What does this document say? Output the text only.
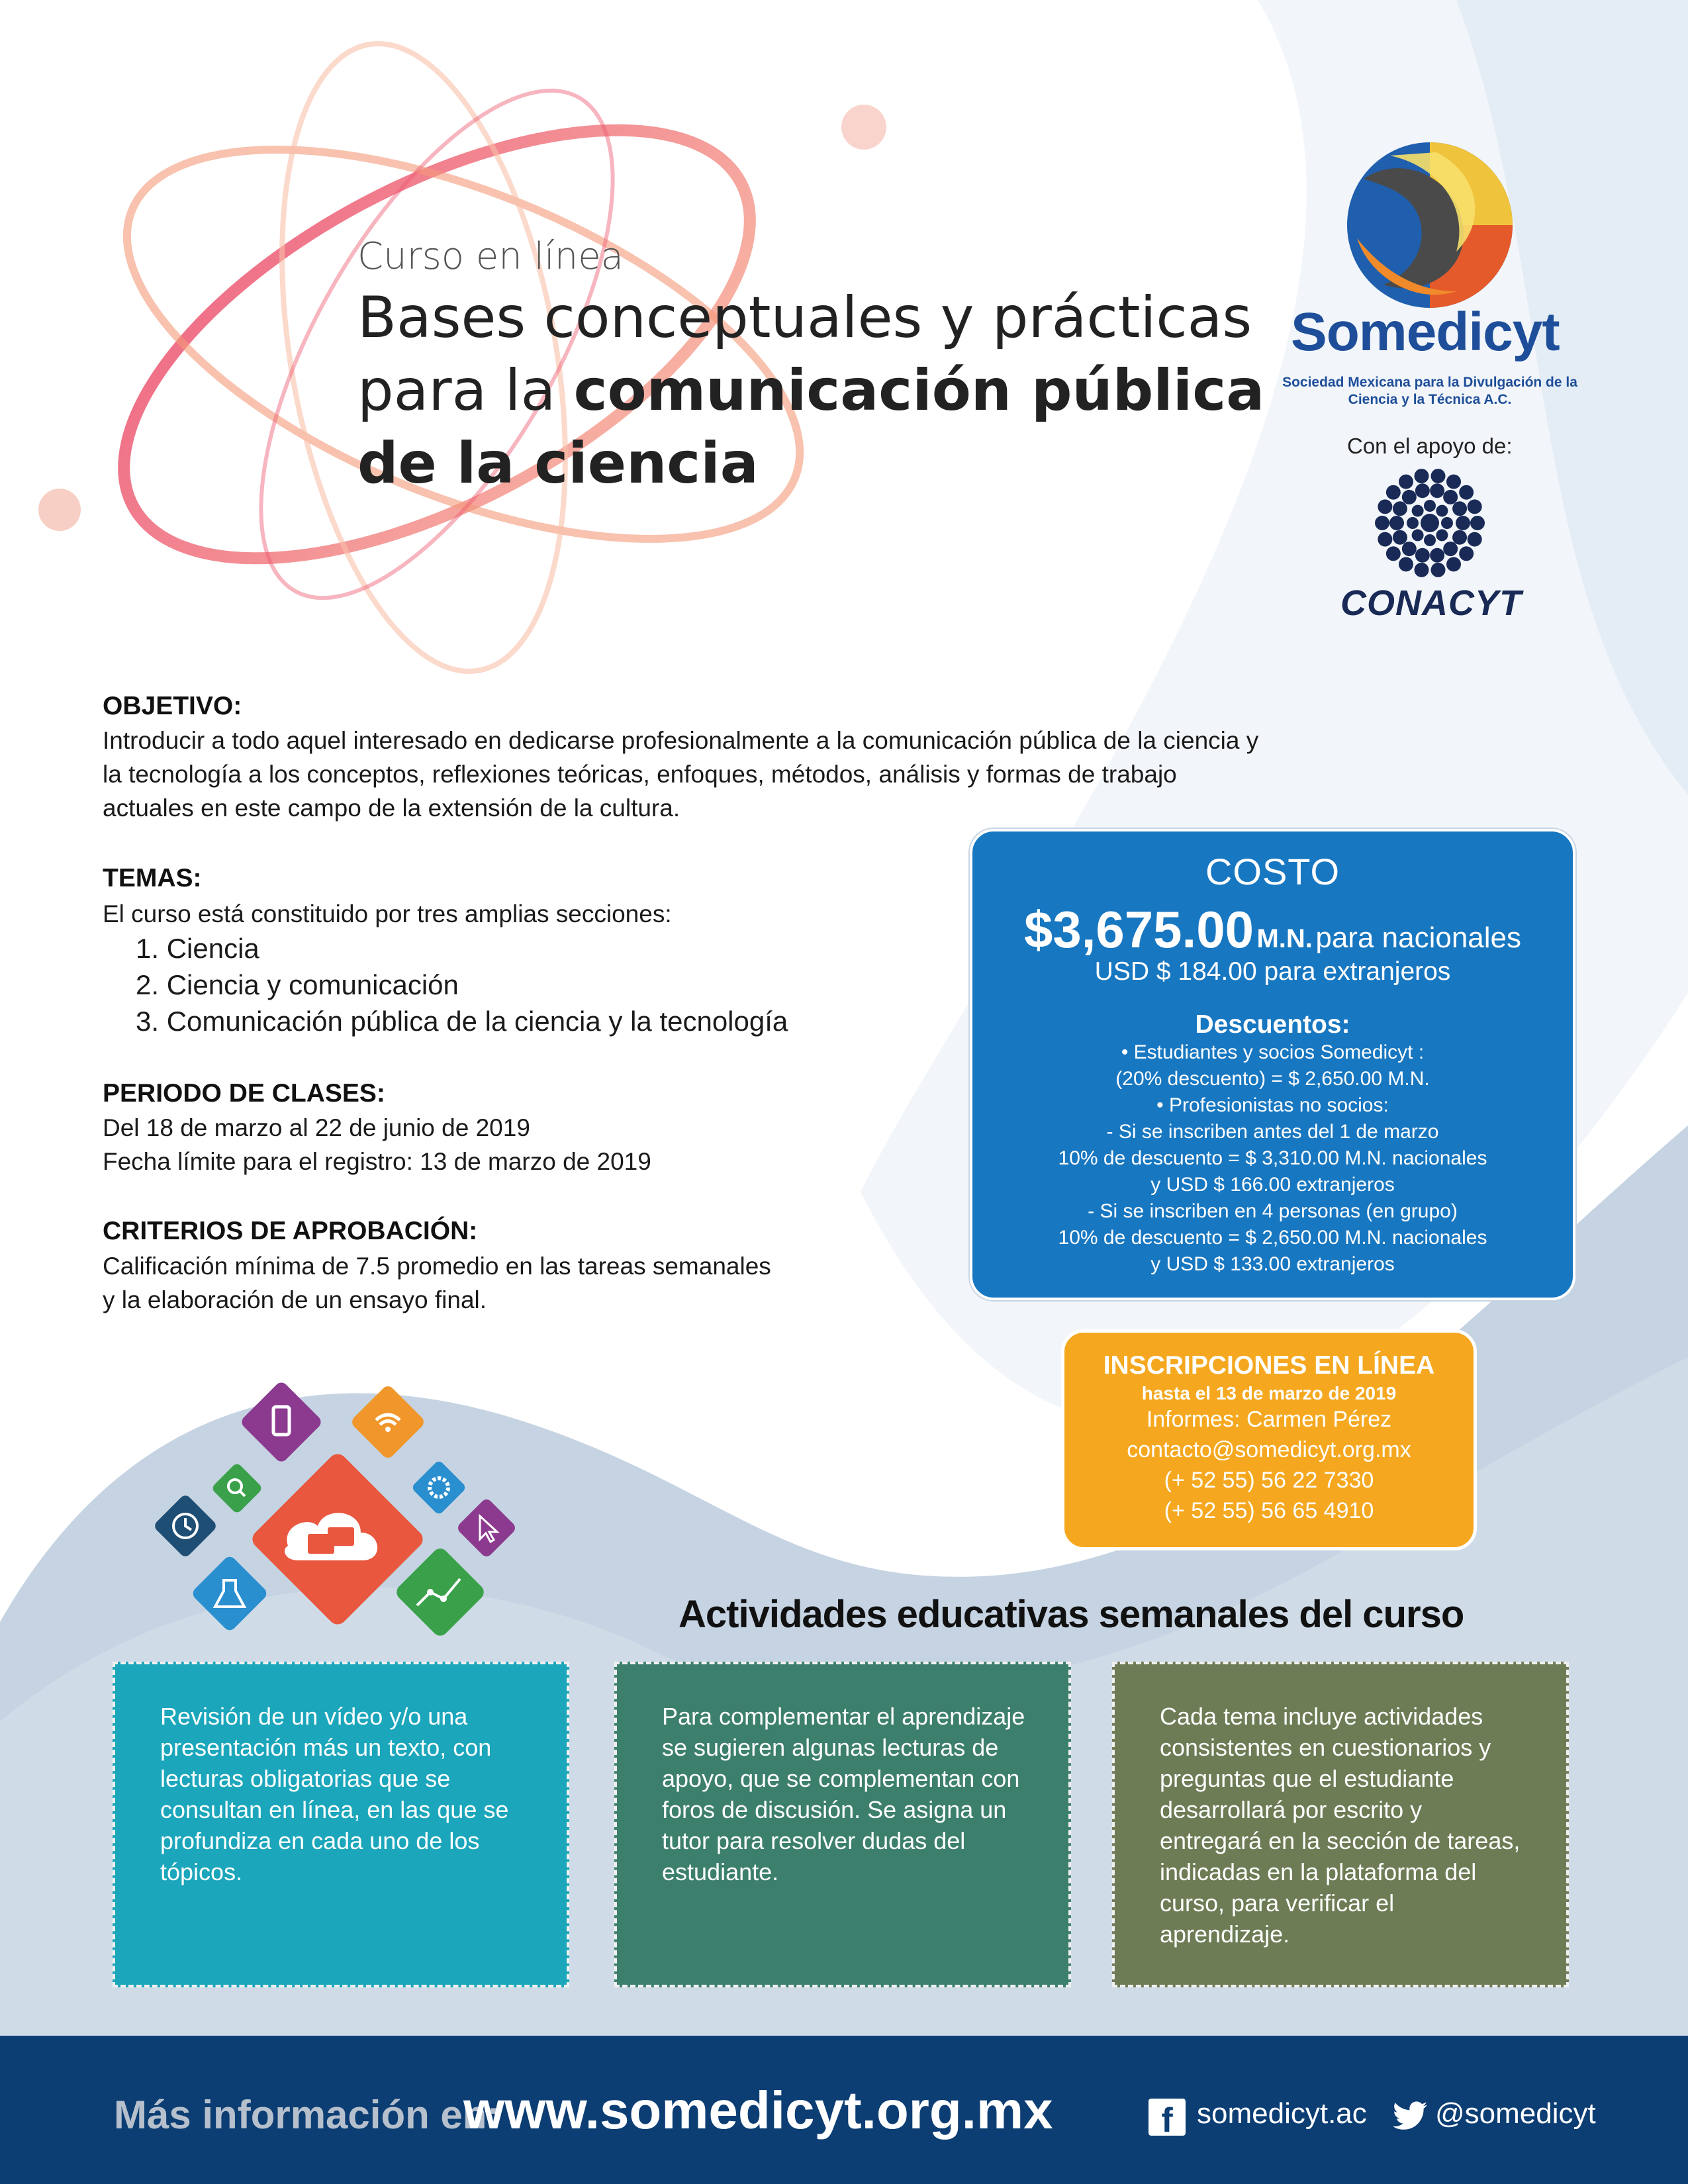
Curso en línea
Bases conceptuales y prácticas
para la comunicación pública
de la ciencia
Somedicyt
Sociedad Mexicana para la Divulgación de la Ciencia y la Técnica A.C.
Con el apoyo de:
CONACYT
OBJETIVO:
Introducir a todo aquel interesado en dedicarse profesionalmente a la comunicación pública de la ciencia y
la tecnología a los conceptos, reflexiones teóricas, enfoques, métodos, análisis y formas de trabajo
actuales en este campo de la extensión de la cultura.
TEMAS:
El curso está constituido por tres amplias secciones:
1. Ciencia
2. Ciencia y comunicación
3. Comunicación pública de la ciencia y la tecnología
PERIODO DE CLASES:
Del 18 de marzo al 22 de junio de 2019
Fecha límite para el registro: 13 de marzo de 2019
CRITERIOS DE APROBACIÓN:
Calificación mínima de 7.5 promedio en las tareas semanales
y la elaboración de un ensayo final.
COSTO
$3,675.00 M.N. para nacionales
USD $ 184.00 para extranjeros
Descuentos:
• Estudiantes y socios Somedicyt :
(20% descuento) = $ 2,650.00 M.N.
• Profesionistas no socios:
- Si se inscriben antes del 1 de marzo
10% de descuento = $ 3,310.00 M.N. nacionales
y USD $ 166.00 extranjeros
- Si se inscriben en 4 personas (en grupo)
10% de descuento = $ 2,650.00 M.N. nacionales
y USD $ 133.00 extranjeros
INSCRIPCIONES EN LÍNEA
hasta el 13 de marzo de 2019
Informes: Carmen Pérez
contacto@somedicyt.org.mx
(+ 52 55) 56 22 7330
(+ 52 55) 56 65 4910
Actividades educativas semanales del curso
Revisión de un vídeo y/o una presentación más un texto, con lecturas obligatorias que se consultan en línea, en las que se profundiza en cada uno de los tópicos.
Para complementar el aprendizaje se sugieren algunas lecturas de apoyo, que se complementan con foros de discusión. Se asigna un tutor para resolver dudas del estudiante.
Cada tema incluye actividades consistentes en cuestionarios y preguntas que el estudiante desarrollará por escrito y entregará en la sección de tareas, indicadas en la plataforma del curso, para verificar el aprendizaje.
Más información en:
www.somedicyt.org.mx	f somedicyt.ac @somedicyt
